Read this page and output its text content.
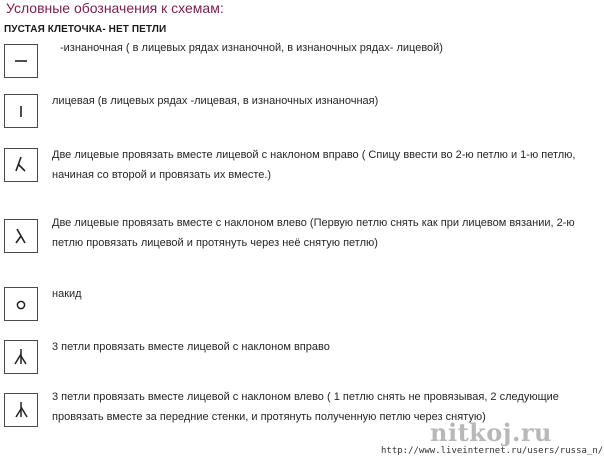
Условные обозначения к схемам:
ПУСТАЯ КЛЕТОЧКА- НЕТ ПЕТЛИ
-изнаночная ( в лицевых рядах изнаночной, в изнаночных рядах- лицевой)
лицевая (в лицевых рядах -лицевая, в изнаночных изнаночная)
Две лицевые провязать вместе лицевой с наклоном вправо ( Спицу ввести во 2-ю петлю и 1-ю петлю, начиная со второй и провязать их вместе.)
Две лицевые провязать вместе с наклоном влево (Первую петлю снять как при лицевом вязании, 2-ю петлю провязать лицевой и протянуть через неё снятую петлю)
накид
3 петли провязать вместе лицевой с наклоном вправо
3 петли провязать вместе лицевой с наклоном влево ( 1 петлю снять не провязывая, 2 следующие провязать вместе за передние стенки, и протянуть полученную петлю через снятую)
nitkoj.ru
http://www.liveinternet.ru/users/russa_n/
